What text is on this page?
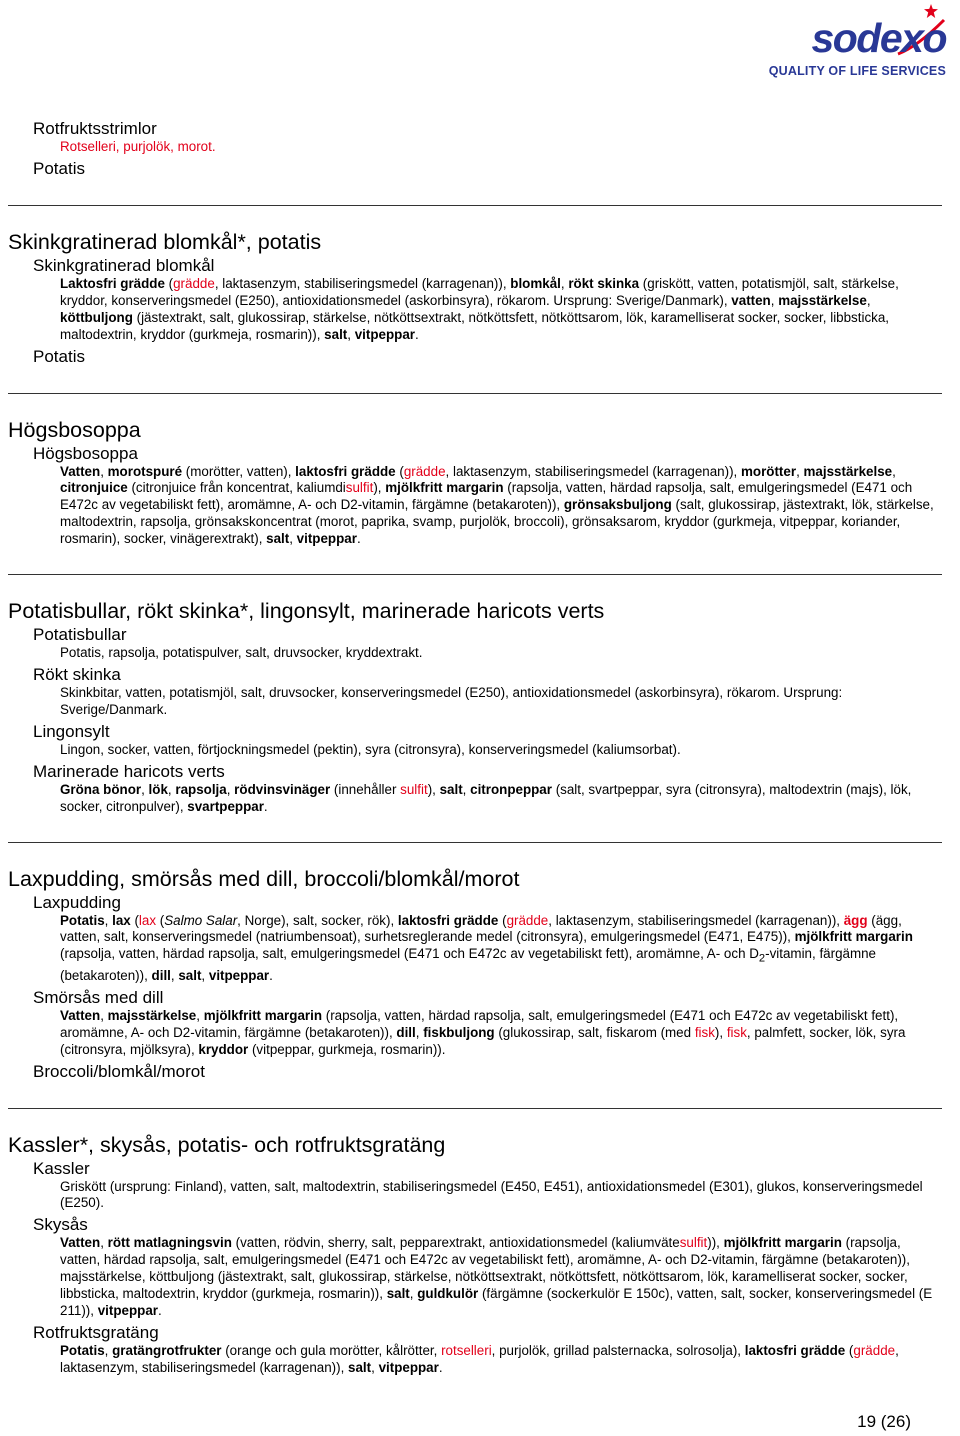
sodexo
QUALITY OF LIFE SERVICES
Rotfruktsstrimlor
Rotselleri, purjolök, morot.
Potatis
Skinkgratinerad blomkål*, potatis
Skinkgratinerad blomkål
Laktosfri grädde (grädde, laktasenzym, stabiliseringsmedel (karragenan)), blomkål, rökt skinka (griskött, vatten, potatismjöl, salt, stärkelse, kryddor, konserveringsmedel (E250), antioxidationsmedel (askorbinsyra), rökarom. Ursprung: Sverige/Danmark), vatten, majsstärkelse, köttbuljong (jästextrakt, salt, glukossirap, stärkelse, nötköttsextrakt, nötköttsfett, nötköttsarom, lök, karamelliserat socker, socker, libbsticka, maltodextrin, kryddor (gurkmeja, rosmarin)), salt, vitpeppar.
Potatis
Högsbosoppa
Högsbosoppa
Vatten, morotspuré (morötter, vatten), laktosfri grädde (grädde, laktasenzym, stabiliseringsmedel (karragenan)), morötter, majsstärkelse, citronjuice (citronjuice från koncentrat, kaliumdisulfit), mjölkfritt margarin (rapsolja, vatten, härdad rapsolja, salt, emulgeringsmedel (E471 och E472c av vegetabiliskt fett), aromämne, A- och D2-vitamin, färgämne (betakaroten)), grönsaksbuljong (salt, glukossirap, jästextrakt, lök, stärkelse, maltodextrin, rapsolja, grönsakskoncentrat (morot, paprika, svamp, purjolök, broccoli), grönsaksarom, kryddor (gurkmeja, vitpeppar, koriander, rosmarin), socker, vinägerextrakt), salt, vitpeppar.
Potatisbullar, rökt skinka*, lingonsylt, marinerade haricots verts
Potatisbullar
Potatis, rapsolja, potatispulver, salt, druvsocker, kryddextrakt.
Rökt skinka
Skinkbitar, vatten, potatismjöl, salt, druvsocker, konserveringsmedel (E250), antioxidationsmedel (askorbinsyra), rökarom. Ursprung: Sverige/Danmark.
Lingonsylt
Lingon, socker, vatten, förtjockningsmedel (pektin), syra (citronsyra), konserveringsmedel (kaliumsorbat).
Marinerade haricots verts
Gröna bönor, lök, rapsolja, rödvinsvinäger (innehåller sulfit), salt, citronpeppar (salt, svartpeppar, syra (citronsyra), maltodextrin (majs), lök, socker, citronpulver), svartpeppar.
Laxpudding, smörsås med dill, broccoli/blomkål/morot
Laxpudding
Potatis, lax (lax (Salmo Salar, Norge), salt, socker, rök), laktosfri grädde (grädde, laktasenzym, stabiliseringsmedel (karragenan)), ägg (ägg, vatten, salt, konserveringsmedel (natriumbensoat), surhetsreglerande medel (citronsyra), emulgeringsmedel (E471, E475)), mjölkfritt margarin (rapsolja, vatten, härdad rapsolja, salt, emulgeringsmedel (E471 och E472c av vegetabiliskt fett), aromämne, A- och $D_2$-vitamin, färgämne (betakaroten)), dill, salt, vitpeppar.
Smörsås med dill
Vatten, majsstärkelse, mjölkfritt margarin (rapsolja, vatten, härdad rapsolja, salt, emulgeringsmedel (E471 och E472c av vegetabiliskt fett), aromämne, A- och D2-vitamin, färgämne (betakaroten)), dill, fiskbuljong (glukossirap, salt, fiskarom (med fisk), fisk, palmfett, socker, lök, syra (citronsyra, mjölksyra), kryddor (vitpeppar, gurkmeja, rosmarin)).
Broccoli/blomkål/morot
Kassler*, skysås, potatis- och rotfruktsgratäng
Kassler
Griskött (ursprung: Finland), vatten, salt, maltodextrin, stabiliseringsmedel (E450, E451), antioxidationsmedel (E301), glukos, konserveringsmedel (E250).
Skysås
Vatten, rött matlagningsvin (vatten, rödvin, sherry, salt, pepparextrakt, antioxidationsmedel (kaliumvätesulfit)), mjölkfritt margarin (rapsolja, vatten, härdad rapsolja, salt, emulgeringsmedel (E471 och E472c av vegetabiliskt fett), aromämne, A- och D2-vitamin, färgämne (betakaroten)), majsstärkelse, köttbuljong (jästextrakt, salt, glukossirap, stärkelse, nötköttsextrakt, nötköttsfett, nötköttsarom, lök, karamelliserat socker, socker, libbsticka, maltodextrin, kryddor (gurkmeja, rosmarin)), salt, guldkulör (färgämne (sockerkulör E 150c), vatten, salt, socker, konserveringsmedel (E 211)), vitpeppar.
Rotfruktsgratäng
Potatis, gratängrotfrukter (orange och gula morötter, kålrötter, rotselleri, purjolök, grillad palsternacka, solrosolja), laktosfri grädde (grädde, laktasenzym, stabiliseringsmedel (karragenan)), salt, vitpeppar.
19 (26)
